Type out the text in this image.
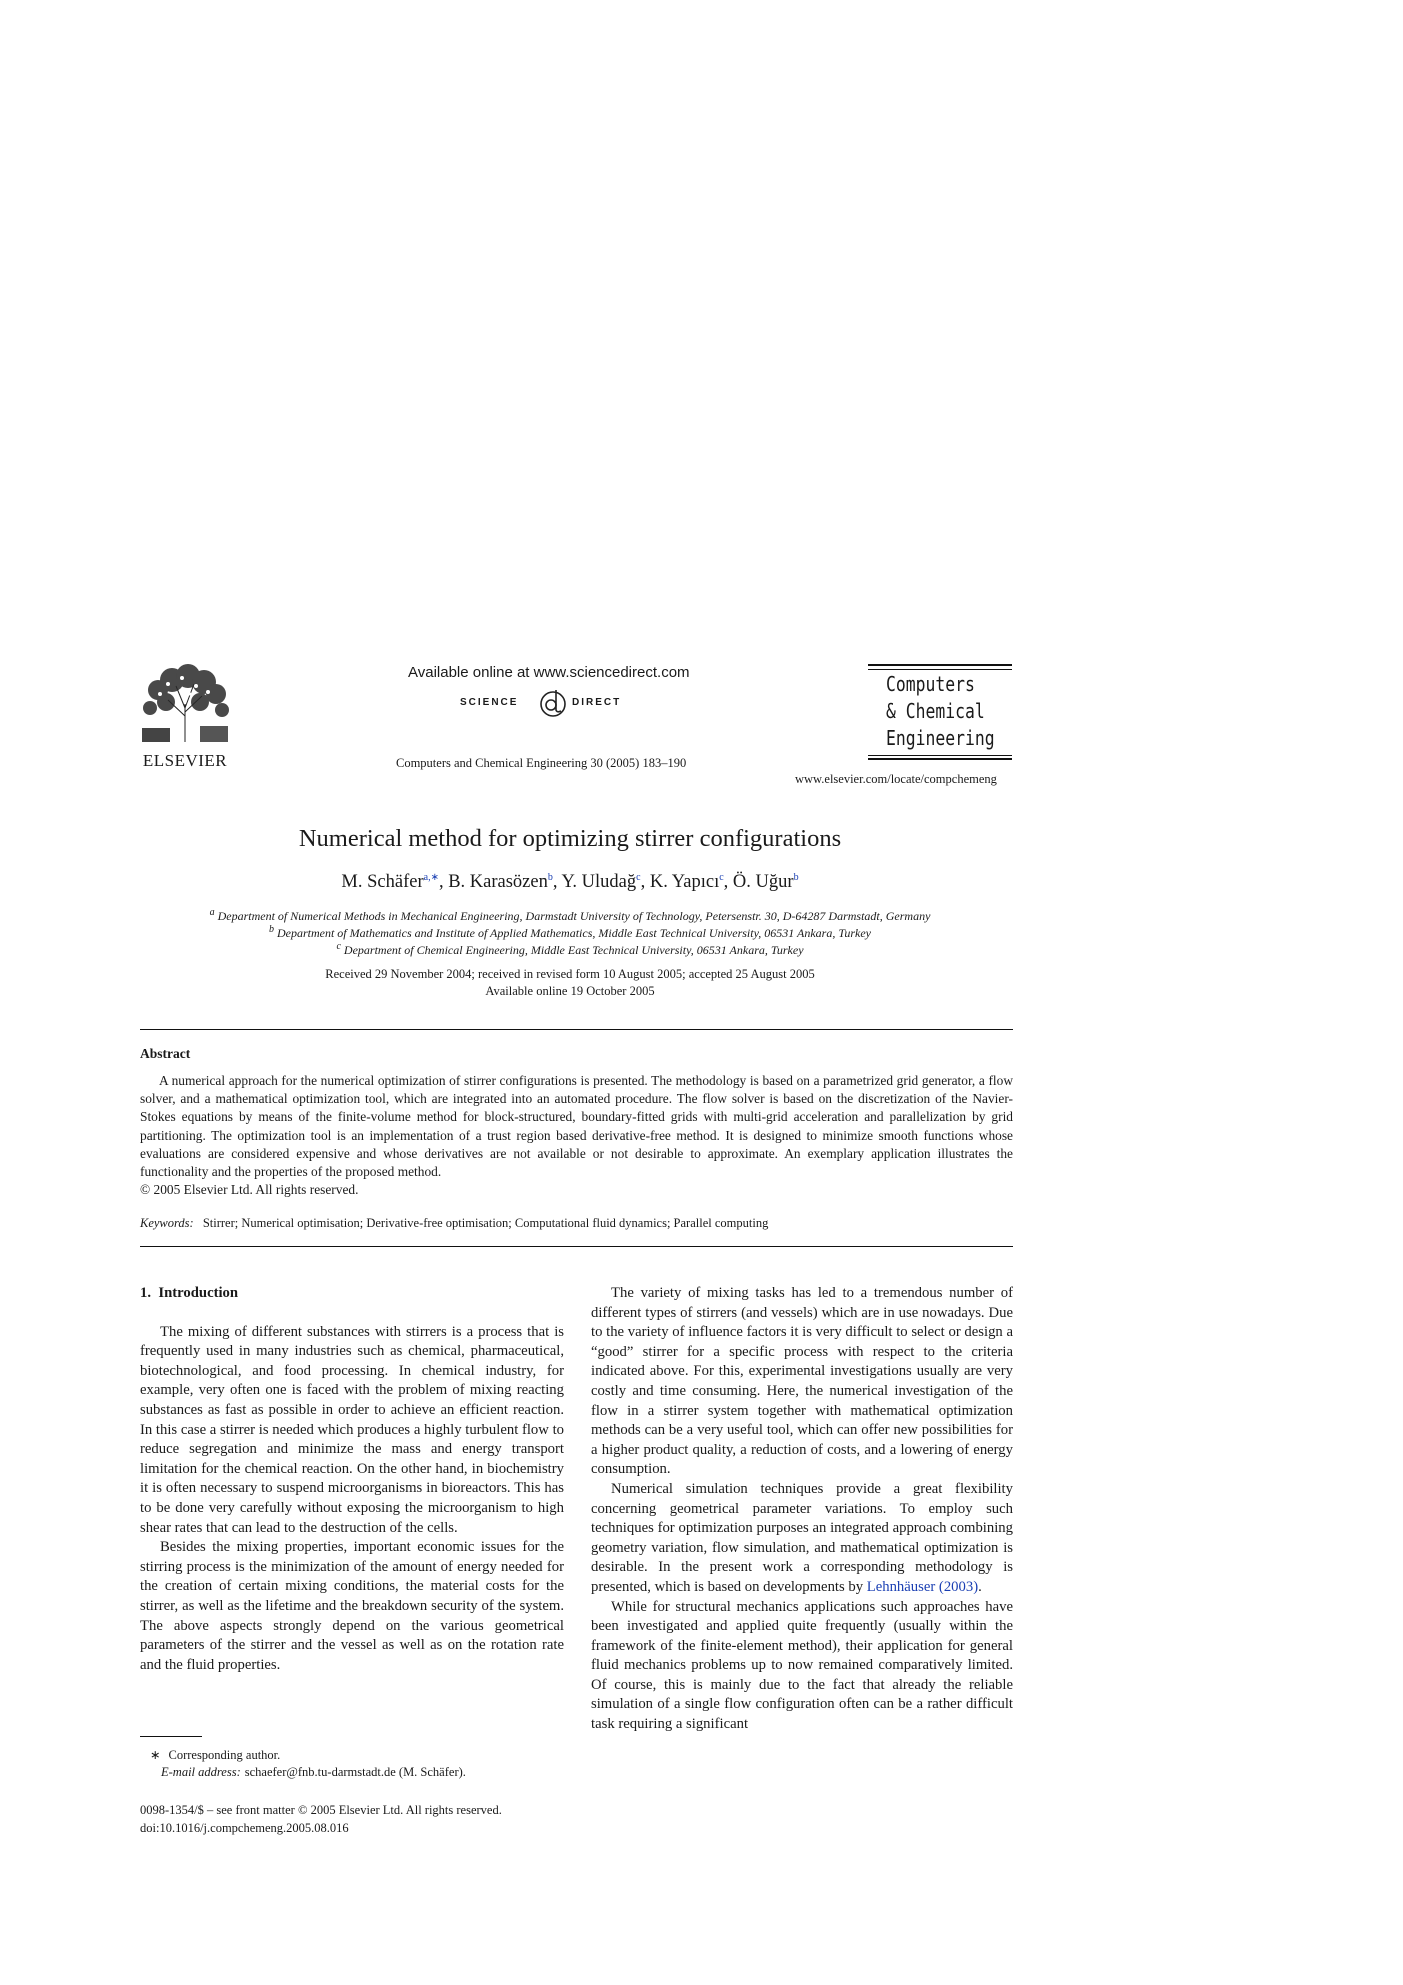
ELSEVIER
Available online at www.sciencedirect.com
SCIENCE	DIRECT
Computers and Chemical Engineering 30 (2005) 183–190
Computers
& Chemical
Engineering
www.elsevier.com/locate/compchemeng
Numerical method for optimizing stirrer configurations
M. Schäfer$^{a,∗}$, B. Karasözen$^b$, Y. Uludağ$^c$, K. Yapıcı$^c$, Ö. Uğur$^b$
$^a$ Department of Numerical Methods in Mechanical Engineering, Darmstadt University of Technology, Petersenstr. 30, D-64287 Darmstadt, Germany
$^b$ Department of Mathematics and Institute of Applied Mathematics, Middle East Technical University, 06531 Ankara, Turkey
$^c$ Department of Chemical Engineering, Middle East Technical University, 06531 Ankara, Turkey
Received 29 November 2004; received in revised form 10 August 2005; accepted 25 August 2005
Available online 19 October 2005
Abstract
A numerical approach for the numerical optimization of stirrer configurations is presented. The methodology is based on a parametrized grid generator, a flow solver, and a mathematical optimization tool, which are integrated into an automated procedure. The flow solver is based on the discretization of the Navier-Stokes equations by means of the finite-volume method for block-structured, boundary-fitted grids with multi-grid acceleration and parallelization by grid partitioning. The optimization tool is an implementation of a trust region based derivative-free method. It is designed to minimize smooth functions whose evaluations are considered expensive and whose derivatives are not available or not desirable to approximate. An exemplary application illustrates the functionality and the properties of the proposed method.
© 2005 Elsevier Ltd. All rights reserved.
Keywords: Stirrer; Numerical optimisation; Derivative-free optimisation; Computational fluid dynamics; Parallel computing
1.  Introduction

The mixing of different substances with stirrers is a process that is frequently used in many industries such as chemical, pharmaceutical, biotechnological, and food processing. In chemical industry, for example, very often one is faced with the problem of mixing reacting substances as fast as possible in order to achieve an efficient reaction. In this case a stirrer is needed which produces a highly turbulent flow to reduce segregation and minimize the mass and energy transport limitation for the chemical reaction. On the other hand, in biochemistry it is often necessary to suspend microorganisms in bioreactors. This has to be done very carefully without exposing the microorganism to high shear rates that can lead to the destruction of the cells.

Besides the mixing properties, important economic issues for the stirring process is the minimization of the amount of energy needed for the creation of certain mixing conditions, the material costs for the stirrer, as well as the lifetime and the breakdown security of the system. The above aspects strongly depend on the various geometrical parameters of the stirrer and the vessel as well as on the rotation rate and the fluid properties.

The variety of mixing tasks has led to a tremendous number of different types of stirrers (and vessels) which are in use nowadays. Due to the variety of influence factors it is very difficult to select or design a “good” stirrer for a specific process with respect to the criteria indicated above. For this, experimental investigations usually are very costly and time consuming. Here, the numerical investigation of the flow in a stirrer system together with mathematical optimization methods can be a very useful tool, which can offer new possibilities for a higher product quality, a reduction of costs, and a lowering of energy consumption.

Numerical simulation techniques provide a great flexibility concerning geometrical parameter variations. To employ such techniques for optimization purposes an integrated approach combining geometry variation, flow simulation, and mathematical optimization is desirable. In the present work a corresponding methodology is presented, which is based on developments by Lehnhäuser (2003).

While for structural mechanics applications such approaches have been investigated and applied quite frequently (usually within the framework of the finite-element method), their application for general fluid mechanics problems up to now remained comparatively limited. Of course, this is mainly due to the fact that already the reliable simulation of a single flow configuration often can be a rather difficult task requiring a significant

∗ Corresponding author.
E-mail address: schaefer@fnb.tu-darmstadt.de (M. Schäfer).
0098-1354/$ – see front matter © 2005 Elsevier Ltd. All rights reserved.
doi:10.1016/j.compchemeng.2005.08.016
